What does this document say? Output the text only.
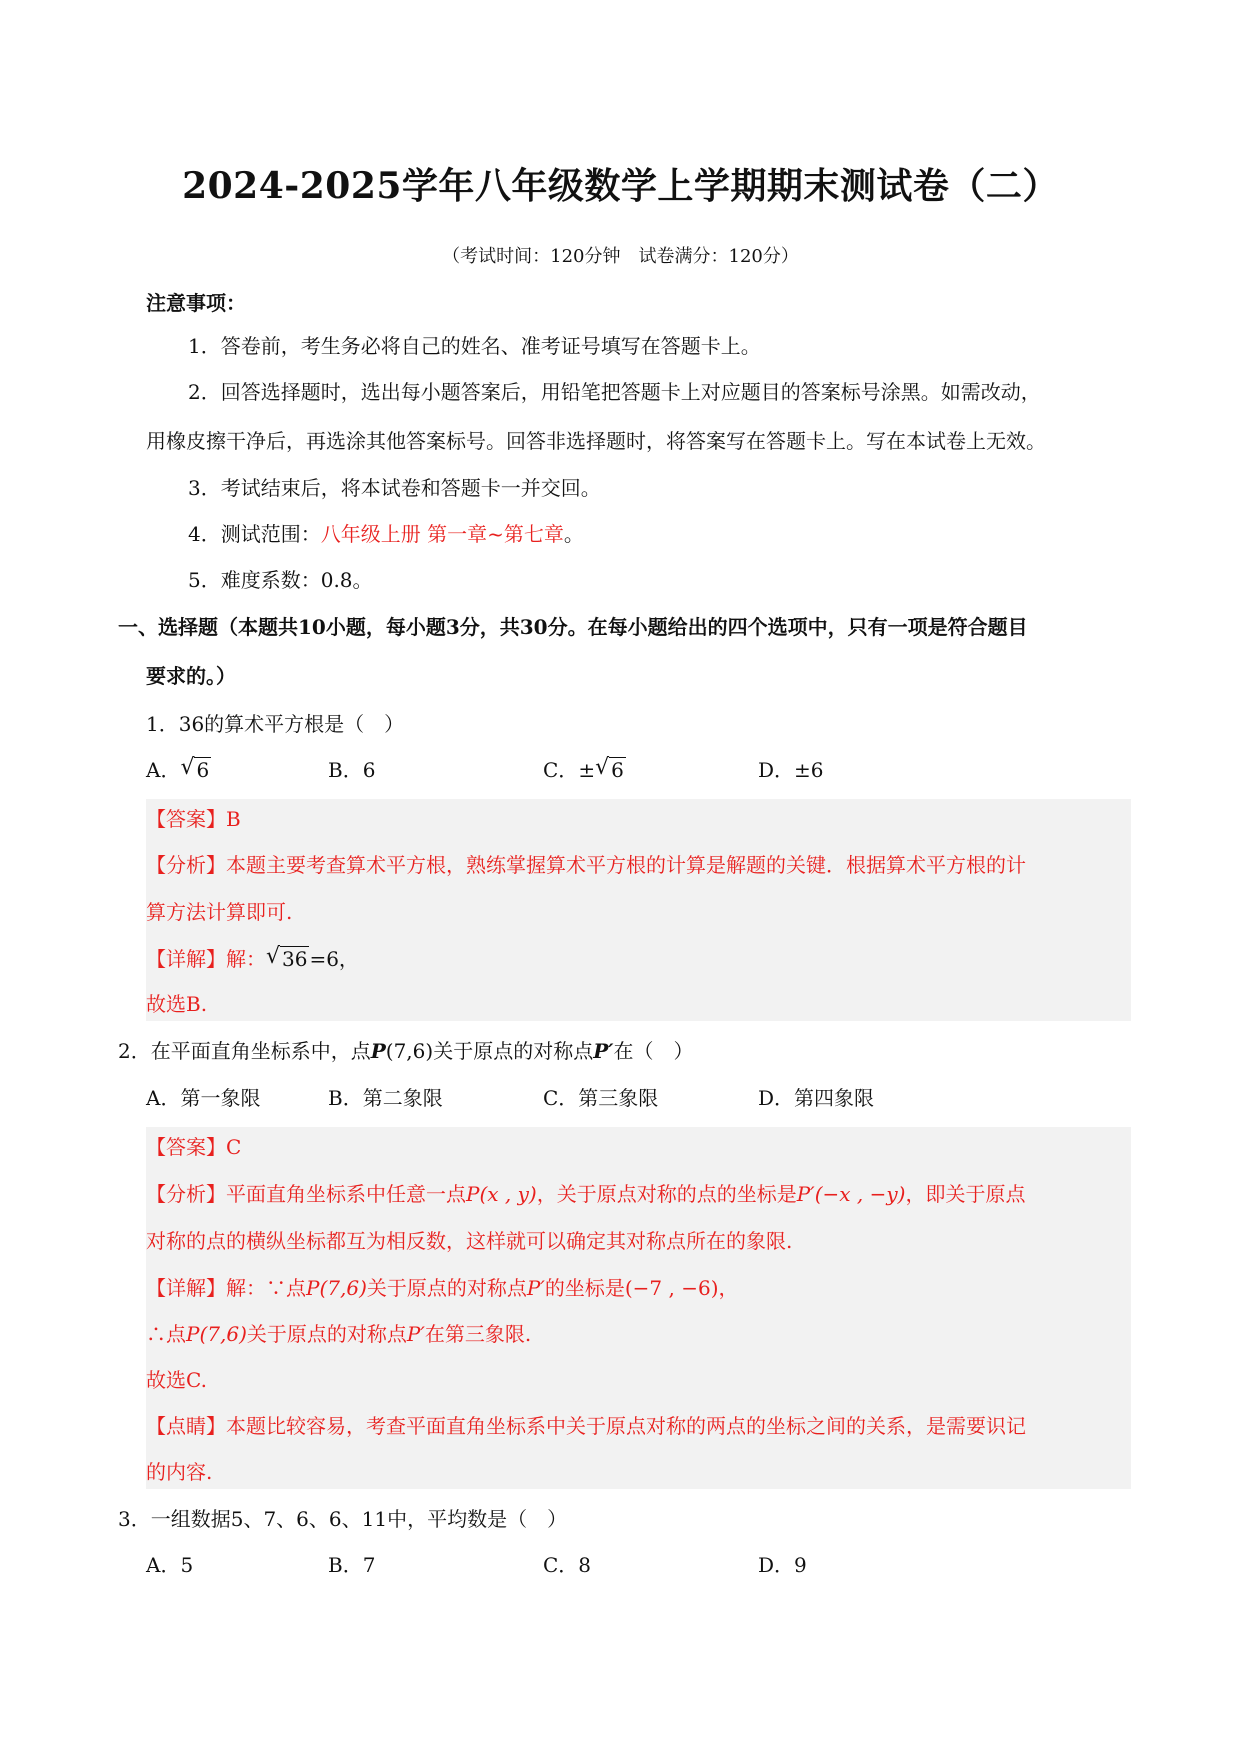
2024-2025学年八年级数学上学期期末测试卷（二）
（考试时间：120分钟　试卷满分：120分）
注意事项：
1．答卷前，考生务必将自己的姓名、准考证号填写在答题卡上。
2．回答选择题时，选出每小题答案后，用铅笔把答题卡上对应题目的答案标号涂黑。如需改动，
用橡皮擦干净后，再选涂其他答案标号。回答非选择题时，将答案写在答题卡上。写在本试卷上无效。
3．考试结束后，将本试卷和答题卡一并交回。
4．测试范围：八年级上册 第一章~第七章。
5．难度系数：0.8。
一、选择题（本题共10小题，每小题3分，共30分。在每小题给出的四个选项中，只有一项是符合题目
要求的。）
1．36的算术平方根是（　）
A． √ 6	B．6	C．± √ 6	D．±6
【答案】B
【分析】本题主要考查算术平方根，熟练掌握算术平方根的计算是解题的关键．根据算术平方根的计
算方法计算即可.
【详解】解： √ 36 =6，
故选B.
2．在平面直角坐标系中，点P(7,6)关于原点的对称点P′在（　）
A．第一象限	B．第二象限	C．第三象限	D．第四象限
【答案】C
【分析】平面直角坐标系中任意一点P(x , y)，关于原点对称的点的坐标是P′(−x , −y)，即关于原点
对称的点的横纵坐标都互为相反数，这样就可以确定其对称点所在的象限.
【详解】解：∵点P(7,6)关于原点的对称点P′的坐标是(−7 , −6)，
∴点P(7,6)关于原点的对称点P′在第三象限.
故选C.
【点睛】本题比较容易，考查平面直角坐标系中关于原点对称的两点的坐标之间的关系，是需要识记
的内容.
3．一组数据5、7、6、6、11中，平均数是（　）
A．5	B．7	C．8	D．9
